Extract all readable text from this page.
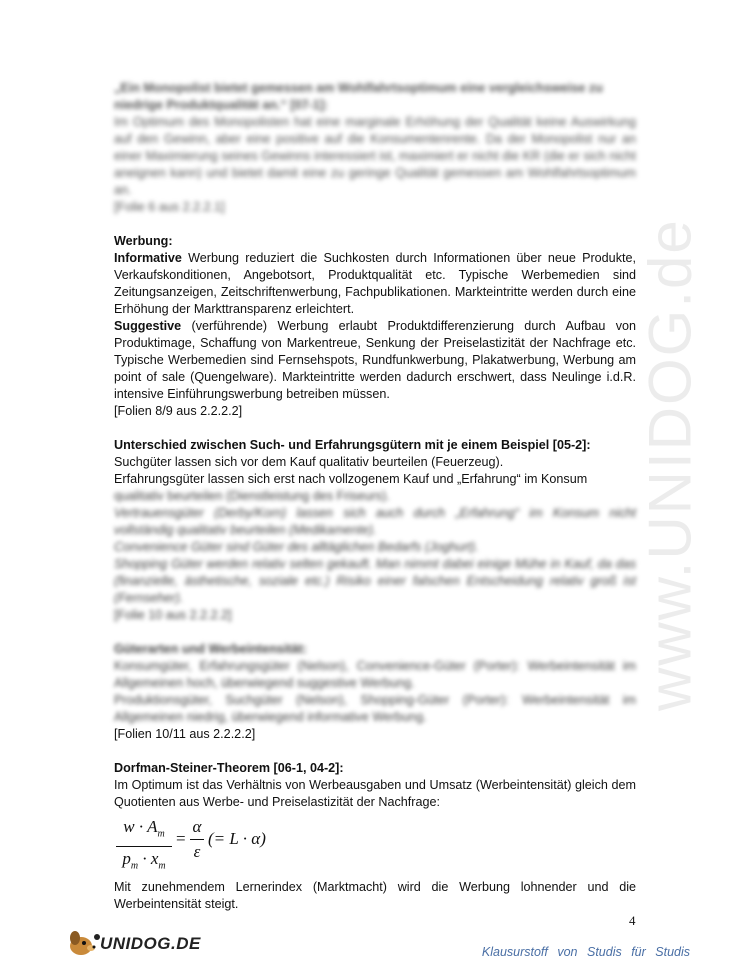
www.UNIDOG.de

„Ein Monopolist bietet gemessen am Wohlfahrtsoptimum eine vergleichsweise zu niedrige Produktqualität an.“ [07-1]:

Im Optimum des Monopolisten hat eine marginale Erhöhung der Qualität keine Auswirkung auf den Gewinn, aber eine positive auf die Konsumentenrente. Da der Monopolist nur an einer Maximierung seines Gewinns interessiert ist, maximiert er nicht die KR (die er sich nicht aneignen kann) und bietet damit eine zu geringe Qualität gemessen am Wohlfahrtsoptimum an.

[Folie 6 aus 2.2.2.1]

Werbung:

Informative Werbung reduziert die Suchkosten durch Informationen über neue Produkte, Verkaufskonditionen, Angebotsort, Produktqualität etc. Typische Werbemedien sind Zeitungsanzeigen, Zeitschriftenwerbung, Fachpublikationen. Markteintritte werden durch eine Erhöhung der Markttransparenz erleichtert.

Suggestive (verführende) Werbung erlaubt Produktdifferenzierung durch Aufbau von Produktimage, Schaffung von Markentreue, Senkung der Preiselastizität der Nachfrage etc. Typische Werbemedien sind Fernsehspots, Rundfunkwerbung, Plakatwerbung, Werbung am point of sale (Quengelware). Markteintritte werden dadurch erschwert, dass Neulinge i.d.R. intensive Einführungswerbung betreiben müssen.

[Folien 8/9 aus 2.2.2.2]

Unterschied zwischen Such- und Erfahrungsgütern mit je einem Beispiel [05-2]:

Suchgüter lassen sich vor dem Kauf qualitativ beurteilen (Feuerzeug).

Erfahrungsgüter lassen sich erst nach vollzogenem Kauf und „Erfahrung“ im Konsum

qualitativ beurteilen (Dienstleistung des Friseurs).

Vertrauensgüter (Derby/Korn) lassen sich auch durch „Erfahrung“ im Konsum nicht vollständig qualitativ beurteilen (Medikamente).

Convenience Güter sind Güter des alltäglichen Bedarfs (Joghurt).

Shopping Güter werden relativ selten gekauft. Man nimmt dabei einige Mühe in Kauf, da das (finanzielle, ästhetische, soziale etc.) Risiko einer falschen Entscheidung relativ groß ist (Fernseher).

[Folie 10 aus 2.2.2.2]

Güterarten und Werbeintensität:

Konsumgüter, Erfahrungsgüter (Nelson), Convenience-Güter (Porter): Werbeintensität im Allgemeinen hoch, überwiegend suggestive Werbung.

Produktionsgüter, Suchgüter (Nelson), Shopping-Güter (Porter): Werbeintensität im Allgemeinen niedrig, überwiegend informative Werbung.

[Folien 10/11 aus 2.2.2.2]

Dorfman-Steiner-Theorem [06-1, 04-2]:

Im Optimum ist das Verhältnis von Werbeausgaben und Umsatz (Werbeintensität) gleich dem Quotienten aus Werbe- und Preiselastizität der Nachfrage:

$w \cdot A_m$
$p_m \cdot x_m$
=
α
ε
(= L · α)

Mit zunehmendem Lernerindex (Marktmacht) wird die Werbung lohnender und die Werbeintensität steigt.

4
UNIDOG.DE	Klausurstoff von Studis für Studis
